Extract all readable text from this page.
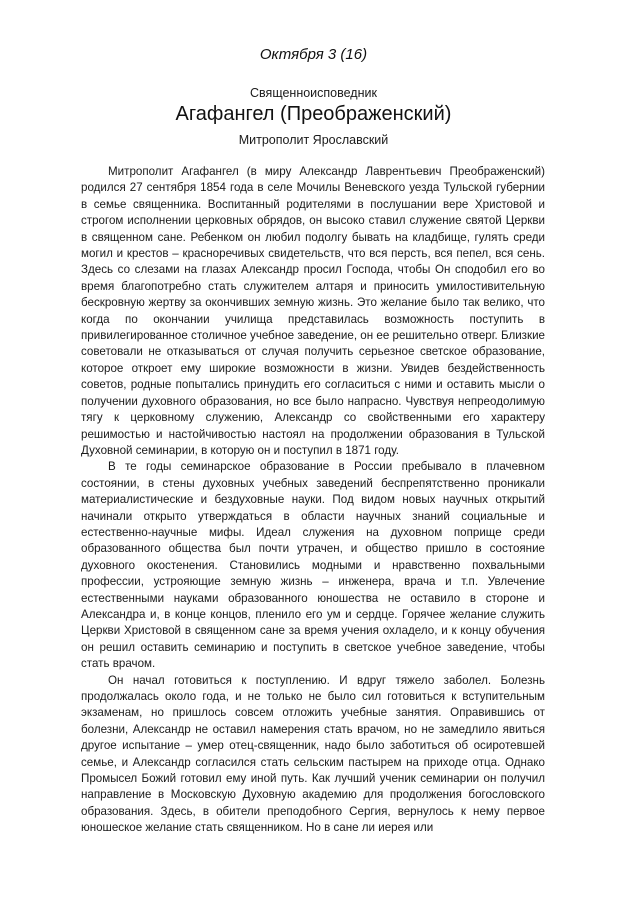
Октября 3 (16)
Священноисповедник
Агафангел (Преображенский)
Митрополит Ярославский

Митрополит Агафангел (в миру Александр Лаврентьевич Преображенский) родился 27 сентября 1854 года в селе Мочилы Веневского уезда Тульской губернии в семье священника. Воспитанный родителями в послушании вере Христовой и строгом исполнении церковных обрядов, он высоко ставил служение святой Церкви в священном сане. Ребенком он любил подолгу бывать на кладбище, гулять среди могил и крестов – красноречивых свидетельств, что вся персть, вся пепел, вся сень. Здесь со слезами на глазах Александр просил Господа, чтобы Он сподобил его во время благопотребно стать служителем алтаря и приносить умилостивительную бескровную жертву за окончивших земную жизнь. Это желание было так велико, что когда по окончании училища представилась возможность поступить в привилегированное столичное учебное заведение, он ее решительно отверг. Близкие советовали не отказываться от случая получить серьезное светское образование, которое откроет ему широкие возможности в жизни. Увидев бездейственность советов, родные попытались принудить его согласиться с ними и оставить мысли о получении духовного образования, но все было напрасно. Чувствуя непреодолимую тягу к церковному служению, Александр со свойственными его характеру решимостью и настойчивостью настоял на продолжении образования в Тульской Духовной семинарии, в которую он и поступил в 1871 году.

В те годы семинарское образование в России пребывало в плачевном состоянии, в стены духовных учебных заведений беспрепятственно проникали материалистические и бездуховные науки. Под видом новых научных открытий начинали открыто утверждаться в области научных знаний социальные и естественно-научные мифы. Идеал служения на духовном поприще среди образованного общества был почти утрачен, и общество пришло в состояние духовного окостенения. Становились модными и нравственно похвальными профессии, устрояющие земную жизнь – инженера, врача и т.п. Увлечение естественными науками образованного юношества не оставило в стороне и Александра и, в конце концов, пленило его ум и сердце. Горячее желание служить Церкви Христовой в священном сане за время учения охладело, и к концу обучения он решил оставить семинарию и поступить в светское учебное заведение, чтобы стать врачом.

Он начал готовиться к поступлению. И вдруг тяжело заболел. Болезнь продолжалась около года, и не только не было сил готовиться к вступительным экзаменам, но пришлось совсем отложить учебные занятия. Оправившись от болезни, Александр не оставил намерения стать врачом, но не замедлило явиться другое испытание – умер отец-священник, надо было заботиться об осиротевшей семье, и Александр согласился стать сельским пастырем на приходе отца. Однако Промысел Божий готовил ему иной путь. Как лучший ученик семинарии он получил направление в Московскую Духовную академию для продолжения богословского образования. Здесь, в обители преподобного Сергия, вернулось к нему первое юношеское желание стать священником. Но в сане ли иерея или
